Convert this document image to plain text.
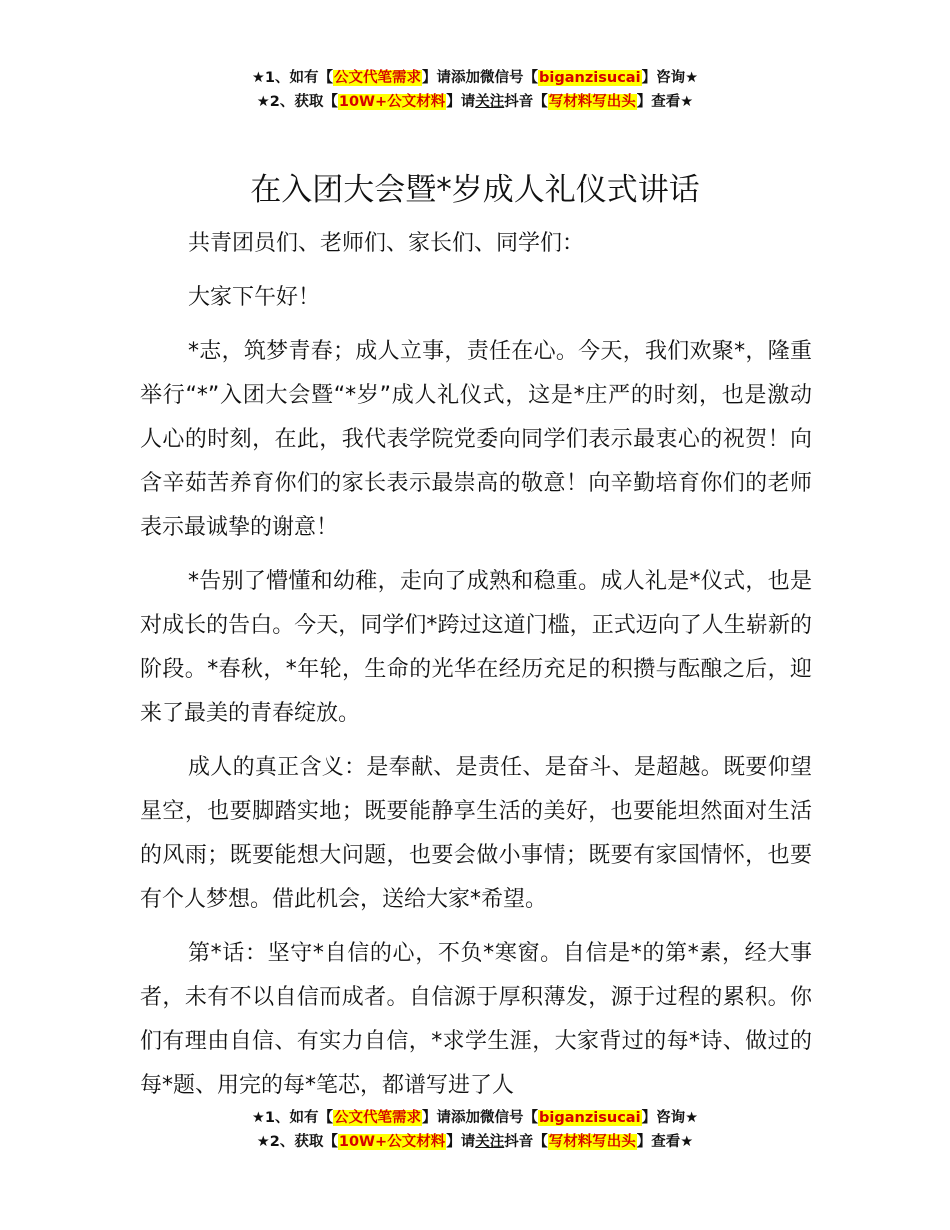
★1、如有【公文代笔需求】请添加微信号【biganzisucai】咨询★
★2、获取【10W+公文材料】请关注抖音【写材料写出头】查看★
在入团大会暨*岁成人礼仪式讲话

共青团员们、老师们、家长们、同学们：

大家下午好！

*志，筑梦青春；成人立事，责任在心。今天，我们欢聚*，隆重举行“*”入团大会暨“*岁”成人礼仪式，这是*庄严的时刻，也是激动人心的时刻，在此，我代表学院党委向同学们表示最衷心的祝贺！向含辛茹苦养育你们的家长表示最崇高的敬意！向辛勤培育你们的老师表示最诚挚的谢意！

*告别了懵懂和幼稚，走向了成熟和稳重。成人礼是*仪式，也是对成长的告白。今天，同学们*跨过这道门槛，正式迈向了人生崭新的阶段。*春秋，*年轮，生命的光华在经历充足的积攒与酝酿之后，迎来了最美的青春绽放。

成人的真正含义：是奉献、是责任、是奋斗、是超越。既要仰望星空，也要脚踏实地；既要能静享生活的美好，也要能坦然面对生活的风雨；既要能想大问题，也要会做小事情；既要有家国情怀，也要有个人梦想。借此机会，送给大家*希望。

第*话：坚守*自信的心，不负*寒窗。自信是*的第*素，经大事者，未有不以自信而成者。自信源于厚积薄发，源于过程的累积。你们有理由自信、有实力自信，*求学生涯，大家背过的每*诗、做过的每*题、用完的每*笔芯，都谱写进了人

★1、如有【公文代笔需求】请添加微信号【biganzisucai】咨询★
★2、获取【10W+公文材料】请关注抖音【写材料写出头】查看★
